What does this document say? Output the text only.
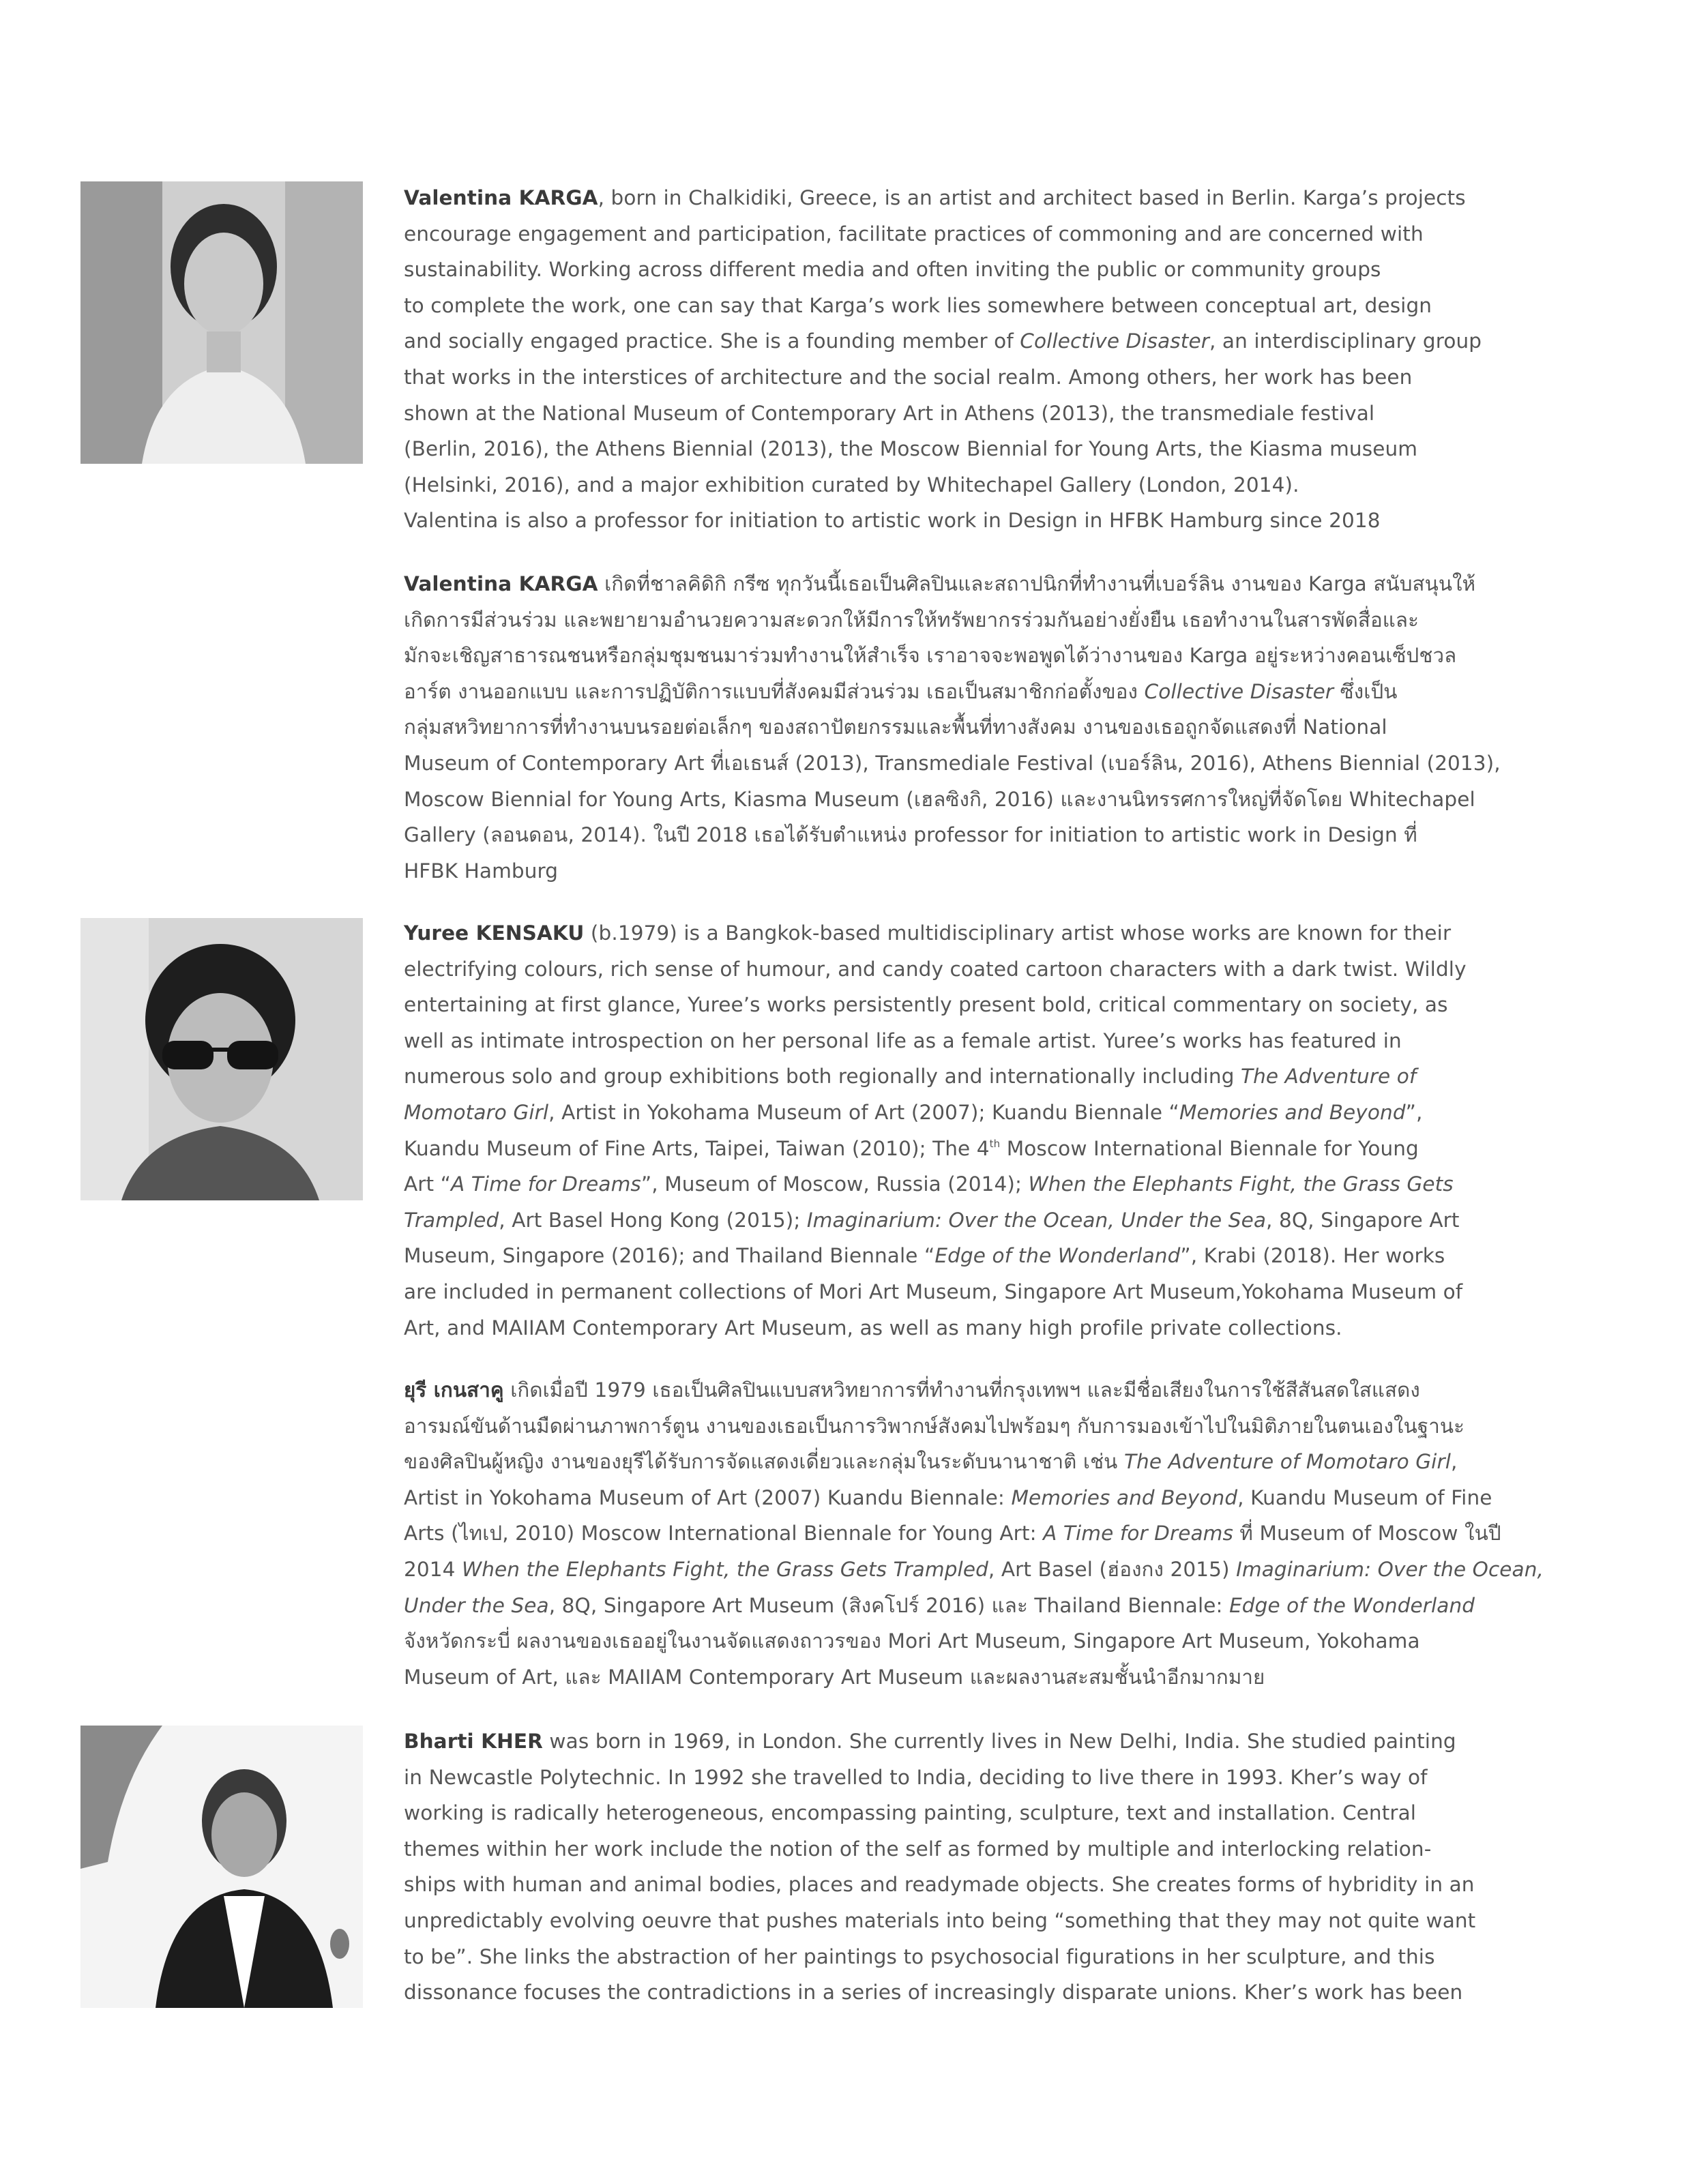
Valentina KARGA, born in Chalkidiki, Greece, is an artist and architect based in Berlin. Karga’s projects
encourage engagement and participation, facilitate practices of commoning and are concerned with
sustainability. Working across different media and often inviting the public or community groups
to complete the work, one can say that Karga’s work lies somewhere between conceptual art, design
and socially engaged practice. She is a founding member of Collective Disaster, an interdisciplinary group
that works in the interstices of architecture and the social realm. Among others, her work has been
shown at the National Museum of Contemporary Art in Athens (2013), the transmediale festival
(Berlin, 2016), the Athens Biennial (2013), the Moscow Biennial for Young Arts, the Kiasma museum
(Helsinki, 2016), and a major exhibition curated by Whitechapel Gallery (London, 2014).
Valentina is also a professor for initiation to artistic work in Design in HFBK Hamburg since 2018
Valentina KARGA เกิดที่ชาลคิดิกิ กรีซ ทุกวันนี้เธอเป็นศิลปินและสถาปนิกที่ทำงานที่เบอร์ลิน งานของ Karga สนับสนุนให้
เกิดการมีส่วนร่วม และพยายามอำนวยความสะดวกให้มีการให้ทรัพยากรร่วมกันอย่างยั่งยืน เธอทำงานในสารพัดสื่อและ
มักจะเชิญสาธารณชนหรือกลุ่มชุมชนมาร่วมทำงานให้สำเร็จ เราอาจจะพอพูดได้ว่างานของ Karga อยู่ระหว่างคอนเซ็ปชวล
อาร์ต งานออกแบบ และการปฏิบัติการแบบที่สังคมมีส่วนร่วม เธอเป็นสมาชิกก่อตั้งของ Collective Disaster ซึ่งเป็น
กลุ่มสหวิทยาการที่ทำงานบนรอยต่อเล็กๆ ของสถาปัตยกรรมและพื้นที่ทางสังคม งานของเธอถูกจัดแสดงที่ National
Museum of Contemporary Art ที่เอเธนส์ (2013), Transmediale Festival (เบอร์ลิน, 2016), Athens Biennial (2013),
Moscow Biennial for Young Arts, Kiasma Museum (เฮลซิงกิ, 2016) และงานนิทรรศการใหญ่ที่จัดโดย Whitechapel
Gallery (ลอนดอน, 2014). ในปี 2018 เธอได้รับตำแหน่ง professor for initiation to artistic work in Design ที่
HFBK Hamburg
Yuree KENSAKU (b.1979) is a Bangkok-based multidisciplinary artist whose works are known for their
electrifying colours, rich sense of humour, and candy coated cartoon characters with a dark twist. Wildly
entertaining at first glance, Yuree’s works persistently present bold, critical commentary on society, as
well as intimate introspection on her personal life as a female artist. Yuree’s works has featured in
numerous solo and group exhibitions both regionally and internationally including The Adventure of
Momotaro Girl, Artist in Yokohama Museum of Art (2007); Kuandu Biennale “Memories and Beyond”,
Kuandu Museum of Fine Arts, Taipei, Taiwan (2010); The 4th Moscow International Biennale for Young
Art “A Time for Dreams”, Museum of Moscow, Russia (2014); When the Elephants Fight, the Grass Gets
Trampled, Art Basel Hong Kong (2015); Imaginarium: Over the Ocean, Under the Sea, 8Q, Singapore Art
Museum, Singapore (2016); and Thailand Biennale “Edge of the Wonderland”, Krabi (2018). Her works
are included in permanent collections of Mori Art Museum, Singapore Art Museum,Yokohama Museum of
Art, and MAIIAM Contemporary Art Museum, as well as many high profile private collections.
ยุรี เกนสาคู เกิดเมื่อปี 1979 เธอเป็นศิลปินแบบสหวิทยาการที่ทำงานที่กรุงเทพฯ และมีชื่อเสียงในการใช้สีสันสดใสแสดง
อารมณ์ขันด้านมืดผ่านภาพการ์ตูน งานของเธอเป็นการวิพากษ์สังคมไปพร้อมๆ กับการมองเข้าไปในมิติภายในตนเองในฐานะ
ของศิลปินผู้หญิง งานของยุรีได้รับการจัดแสดงเดี่ยวและกลุ่มในระดับนานาชาติ เช่น The Adventure of Momotaro Girl,
Artist in Yokohama Museum of Art (2007) Kuandu Biennale: Memories and Beyond, Kuandu Museum of Fine
Arts (ไทเป, 2010) Moscow International Biennale for Young Art: A Time for Dreams ที่ Museum of Moscow ในปี
2014 When the Elephants Fight, the Grass Gets Trampled, Art Basel (ฮ่องกง 2015) Imaginarium: Over the Ocean,
Under the Sea, 8Q, Singapore Art Museum (สิงคโปร์ 2016) และ Thailand Biennale: Edge of the Wonderland
จังหวัดกระบี่ ผลงานของเธออยู่ในงานจัดแสดงถาวรของ Mori Art Museum, Singapore Art Museum, Yokohama
Museum of Art, และ MAIIAM Contemporary Art Museum และผลงานสะสมชั้นนำอีกมากมาย
Bharti KHER was born in 1969, in London. She currently lives in New Delhi, India. She studied painting
in Newcastle Polytechnic. In 1992 she travelled to India, deciding to live there in 1993. Kher’s way of
working is radically heterogeneous, encompassing painting, sculpture, text and installation. Central
themes within her work include the notion of the self as formed by multiple and interlocking relation-
ships with human and animal bodies, places and readymade objects. She creates forms of hybridity in an
unpredictably evolving oeuvre that pushes materials into being “something that they may not quite want
to be”. She links the abstraction of her paintings to psychosocial figurations in her sculpture, and this
dissonance focuses the contradictions in a series of increasingly disparate unions. Kher’s work has been
